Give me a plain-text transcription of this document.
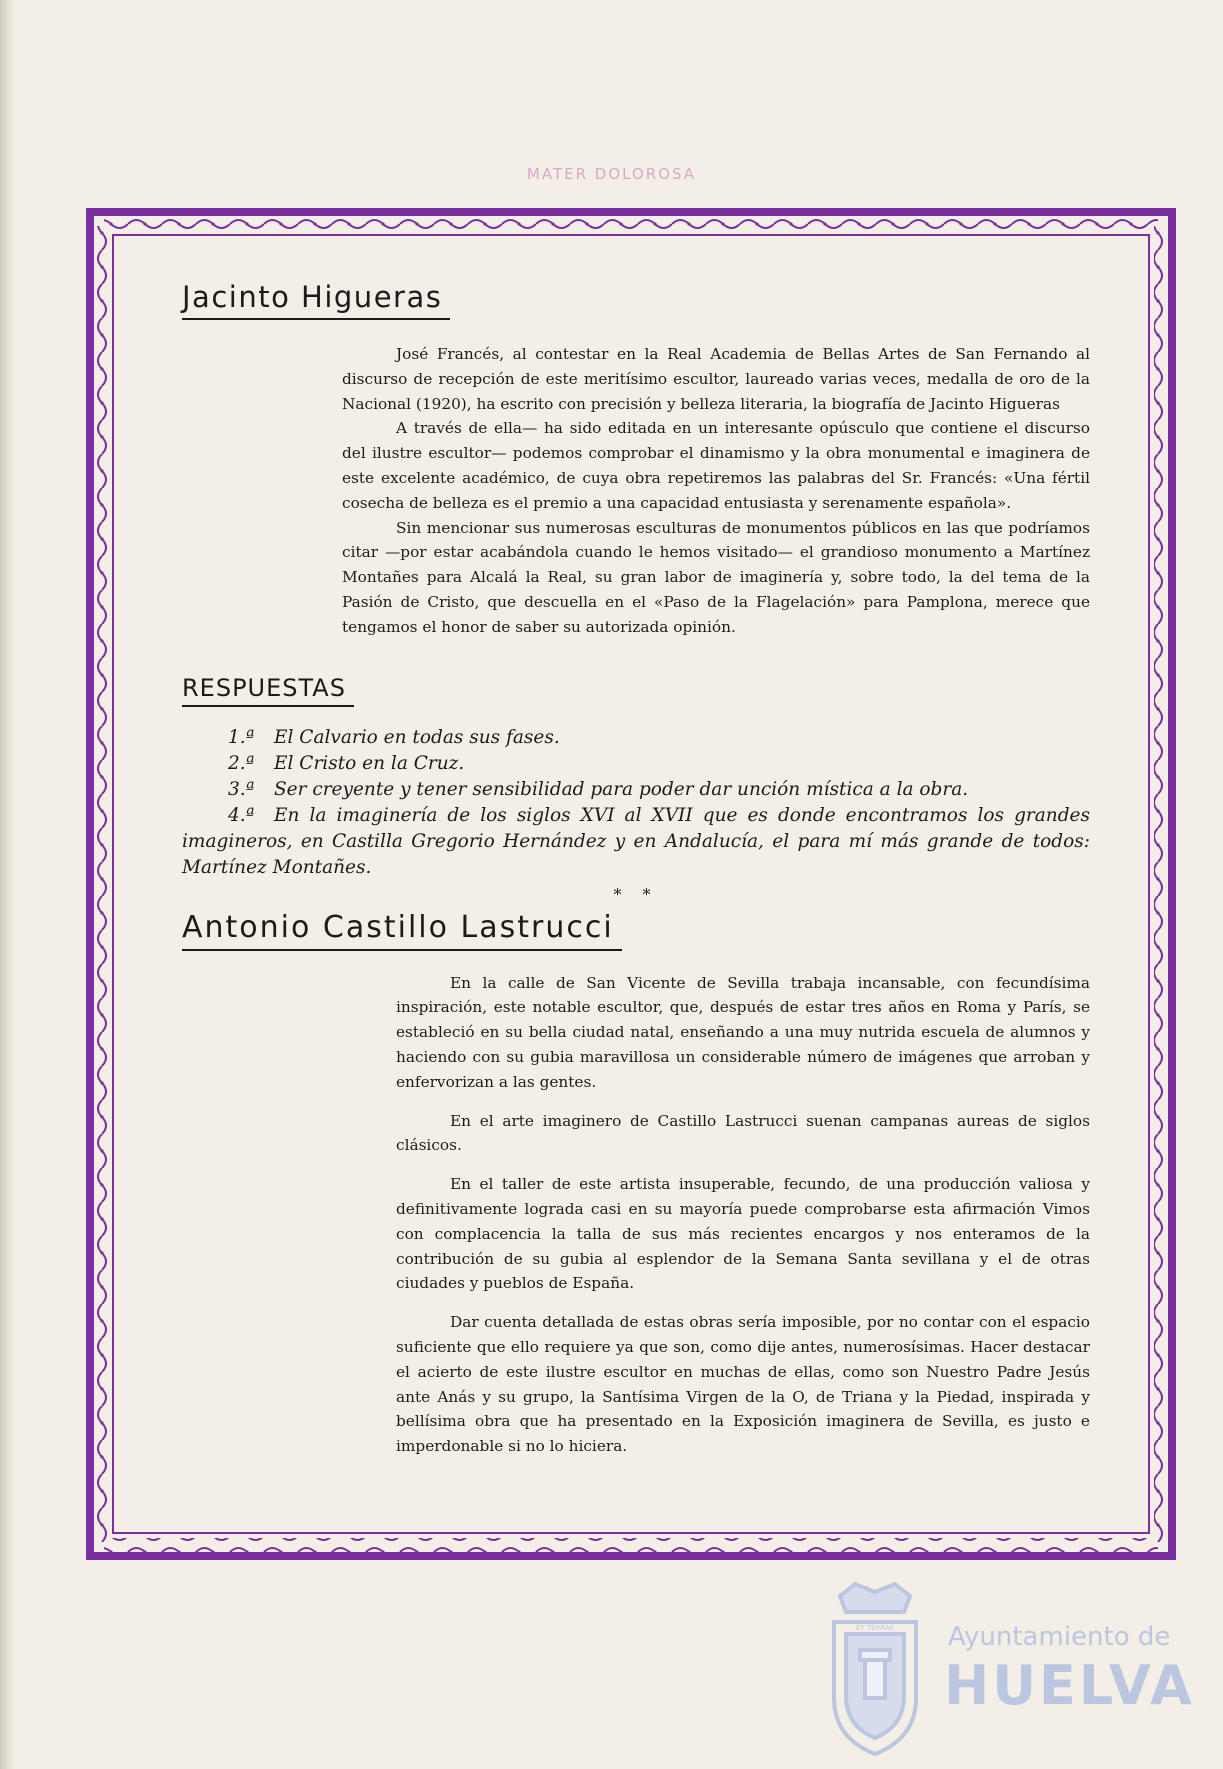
MATER DOLOROSA
Jacinto Higueras

José Francés, al contestar en la Real Academia de Bellas Artes de San Fernando al discurso de recepción de este meritísimo escultor, laureado varias veces, medalla de oro de la Nacional (1920), ha escrito con precisión y belleza literaria, la biografía de Jacinto Higueras

A través de ella— ha sido editada en un interesante opúsculo que contiene el discurso del ilustre escultor— podemos comprobar el dinamismo y la obra monumental e imaginera de este excelente académico, de cuya obra repetiremos las palabras del Sr. Francés: «Una fértil cosecha de belleza es el premio a una capacidad entusiasta y serenamente española».

Sin mencionar sus numerosas esculturas de monumentos públicos en las que podríamos citar —por estar acabándola cuando le hemos visitado— el grandioso monumento a Martínez Montañes para Alcalá la Real, su gran labor de imaginería y, sobre todo, la del tema de la Pasión de Cristo, que descuella en el «Paso de la Flagelación» para Pamplona, merece que tengamos el honor de saber su autorizada opinión.

RESPUESTAS

1.ª El Calvario en todas sus fases.

2.ª El Cristo en la Cruz.

3.ª Ser creyente y tener sensibilidad para poder dar unción mística a la obra.

4.ª En la imaginería de los siglos XVI al XVII que es donde encontramos los grandes imagineros, en Castilla Gregorio Hernández y en Andalucía, el para mí más grande de todos: Martínez Montañes.

* *

Antonio Castillo Lastrucci

En la calle de San Vicente de Sevilla trabaja incansable, con fecundísima inspiración, este notable escultor, que, después de estar tres años en Roma y París, se estableció en su bella ciudad natal, enseñando a una muy nutrida escuela de alumnos y haciendo con su gubia maravillosa un considerable número de imágenes que arroban y enfervorizan a las gentes.

En el arte imaginero de Castillo Lastrucci suenan campanas aureas de siglos clásicos.

En el taller de este artista insuperable, fecundo, de una producción valiosa y definitivamente lograda casi en su mayoría puede comprobarse esta afirmación Vimos con complacencia la talla de sus más recientes encargos y nos enteramos de la contribución de su gubia al esplendor de la Semana Santa sevillana y el de otras ciudades y pueblos de España.

Dar cuenta detallada de estas obras sería imposible, por no contar con el espacio suficiente que ello requiere ya que son, como dije antes, numerosísimas. Hacer destacar el acierto de este ilustre escultor en muchas de ellas, como son Nuestro Padre Jesús ante Anás y su grupo, la Santísima Virgen de la O, de Triana y la Piedad, inspirada y bellísima obra que ha presentado en la Exposición imaginera de Sevilla, es justo e imperdonable si no lo hiciera.

ET TERRAE Ayuntamiento de
HUELVA
